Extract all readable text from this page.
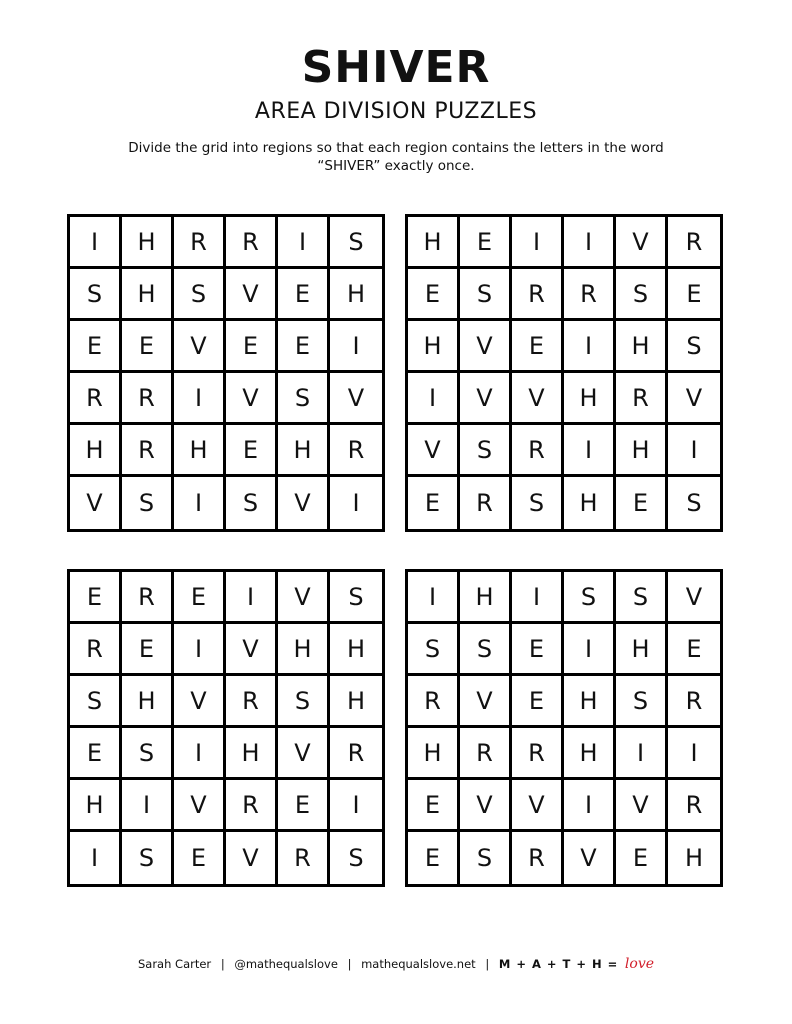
SHIVER
AREA DIVISION PUZZLES
Divide the grid into regions so that each region contains the letters in the word “SHIVER” exactly once.
I	H	R	R	I	S
S	H	S	V	E	H
E	E	V	E	E	I
R	R	I	V	S	V
H	R	H	E	H	R
V	S	I	S	V	I
H	E	I	I	V	R
E	S	R	R	S	E
H	V	E	I	H	S
I	V	V	H	R	V
V	S	R	I	H	I
E	R	S	H	E	S
E	R	E	I	V	S
R	E	I	V	H	H
S	H	V	R	S	H
E	S	I	H	V	R
H	I	V	R	E	I
I	S	E	V	R	S
I	H	I	S	S	V
S	S	E	I	H	E
R	V	E	H	S	R
H	R	R	H	I	I
E	V	V	I	V	R
E	S	R	V	E	H
Sarah Carter | @mathequalslove | mathequalslove.net | M + A + T + H = love
